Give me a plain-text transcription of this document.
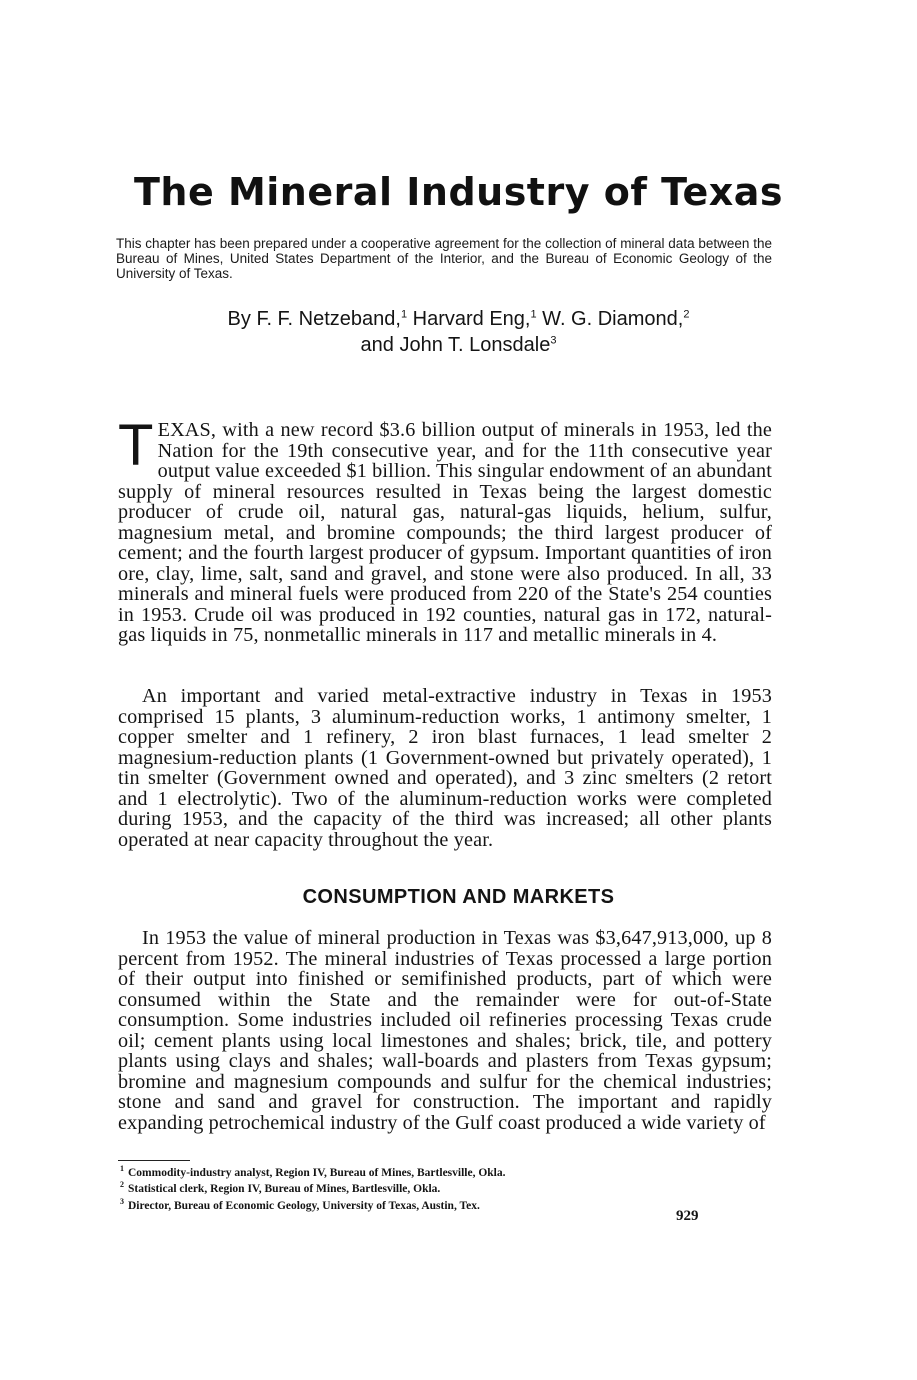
The Mineral Industry of Texas

This chapter has been prepared under a cooperative agreement for the collection of mineral data between the Bureau of Mines, United States Department of the Interior, and the Bureau of Economic Geology of the University of Texas.

By F. F. Netzeband,$^1$ Harvard Eng,$^1$ W. G. Diamond,$^2$

and John T. Lonsdale$^3$

TEXAS, with a new record $3.6 billion output of minerals in 1953, led the Nation for the 19th consecutive year, and for the 11th consecutive year output value exceeded $1 billion. This singular endowment of an abundant supply of mineral resources resulted in Texas being the largest domestic producer of crude oil, natural gas, natural-gas liquids, helium, sulfur, magnesium metal, and bromine compounds; the third largest producer of cement; and the fourth largest producer of gypsum. Important quantities of iron ore, clay, lime, salt, sand and gravel, and stone were also produced. In all, 33 minerals and mineral fuels were produced from 220 of the State's 254 counties in 1953. Crude oil was produced in 192 counties, natural gas in 172, natural-gas liquids in 75, nonmetallic minerals in 117 and metallic minerals in 4.

An important and varied metal-extractive industry in Texas in 1953 comprised 15 plants, 3 aluminum-reduction works, 1 antimony smelter, 1 copper smelter and 1 refinery, 2 iron blast furnaces, 1 lead smelter 2 magnesium-reduction plants (1 Government-owned but privately operated), 1 tin smelter (Government owned and operated), and 3 zinc smelters (2 retort and 1 electrolytic). Two of the aluminum-reduction works were completed during 1953, and the capacity of the third was increased; all other plants operated at near capacity throughout the year.

CONSUMPTION AND MARKETS

In 1953 the value of mineral production in Texas was $3,647,913,000, up 8 percent from 1952. The mineral industries of Texas processed a large portion of their output into finished or semifinished products, part of which were consumed within the State and the remainder were for out-of-State consumption. Some industries included oil refineries processing Texas crude oil; cement plants using local limestones and shales; brick, tile, and pottery plants using clays and shales; wall-boards and plasters from Texas gypsum; bromine and magnesium compounds and sulfur for the chemical industries; stone and sand and gravel for construction. The important and rapidly expanding petrochemical industry of the Gulf coast produced a wide variety of

$^1$ Commodity-industry analyst, Region IV, Bureau of Mines, Bartlesville, Okla.
$^2$ Statistical clerk, Region IV, Bureau of Mines, Bartlesville, Okla.
$^3$ Director, Bureau of Economic Geology, University of Texas, Austin, Tex.
929
